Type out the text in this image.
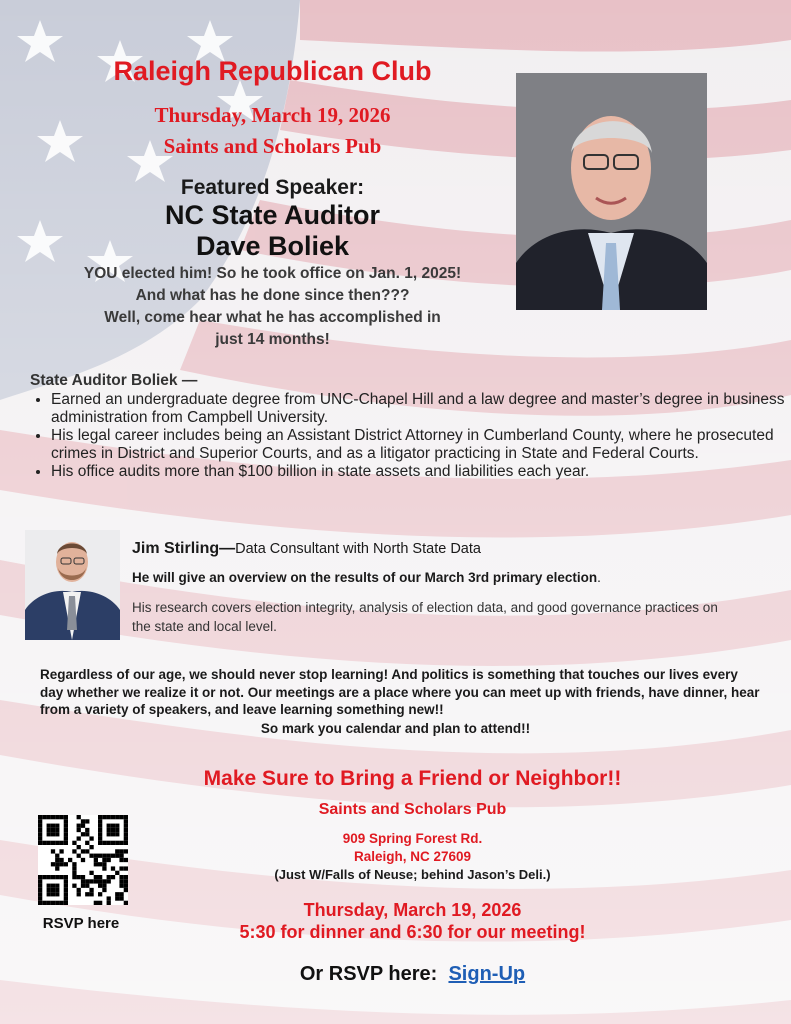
Raleigh Republican Club
Thursday, March 19, 2026
Saints and Scholars Pub
Featured Speaker:
NC State Auditor
Dave Boliek
YOU elected him! So he took office on Jan. 1, 2025!
And what has he done since then???
Well, come hear what he has accomplished in
just 14 months!
State Auditor Boliek —
• Earned an undergraduate degree from UNC-Chapel Hill and a law degree and master’s degree in business administration from Campbell University.
• His legal career includes being an Assistant District Attorney in Cumberland County, where he prosecuted crimes in District and Superior Courts, and as a litigator practicing in State and Federal Courts.
• His office audits more than $100 billion in state assets and liabilities each year.
Jim Stirling—Data Consultant with North State Data
He will give an overview on the results of our March 3rd primary election.
His research covers election integrity, analysis of election data, and good governance practices on the state and local level.
Regardless of our age, we should never stop learning! And politics is something that touches our lives every day whether we realize it or not. Our meetings are a place where you can meet up with friends, have dinner, hear from a variety of speakers, and leave learning something new!!
So mark you calendar and plan to attend!!
Make Sure to Bring a Friend or Neighbor!!
Saints and Scholars Pub
909 Spring Forest Rd.
Raleigh, NC 27609
(Just W/Falls of Neuse; behind Jason’s Deli.)
Thursday, March 19, 2026
5:30 for dinner and 6:30 for our meeting!
Or RSVP here: Sign-Up
RSVP here
